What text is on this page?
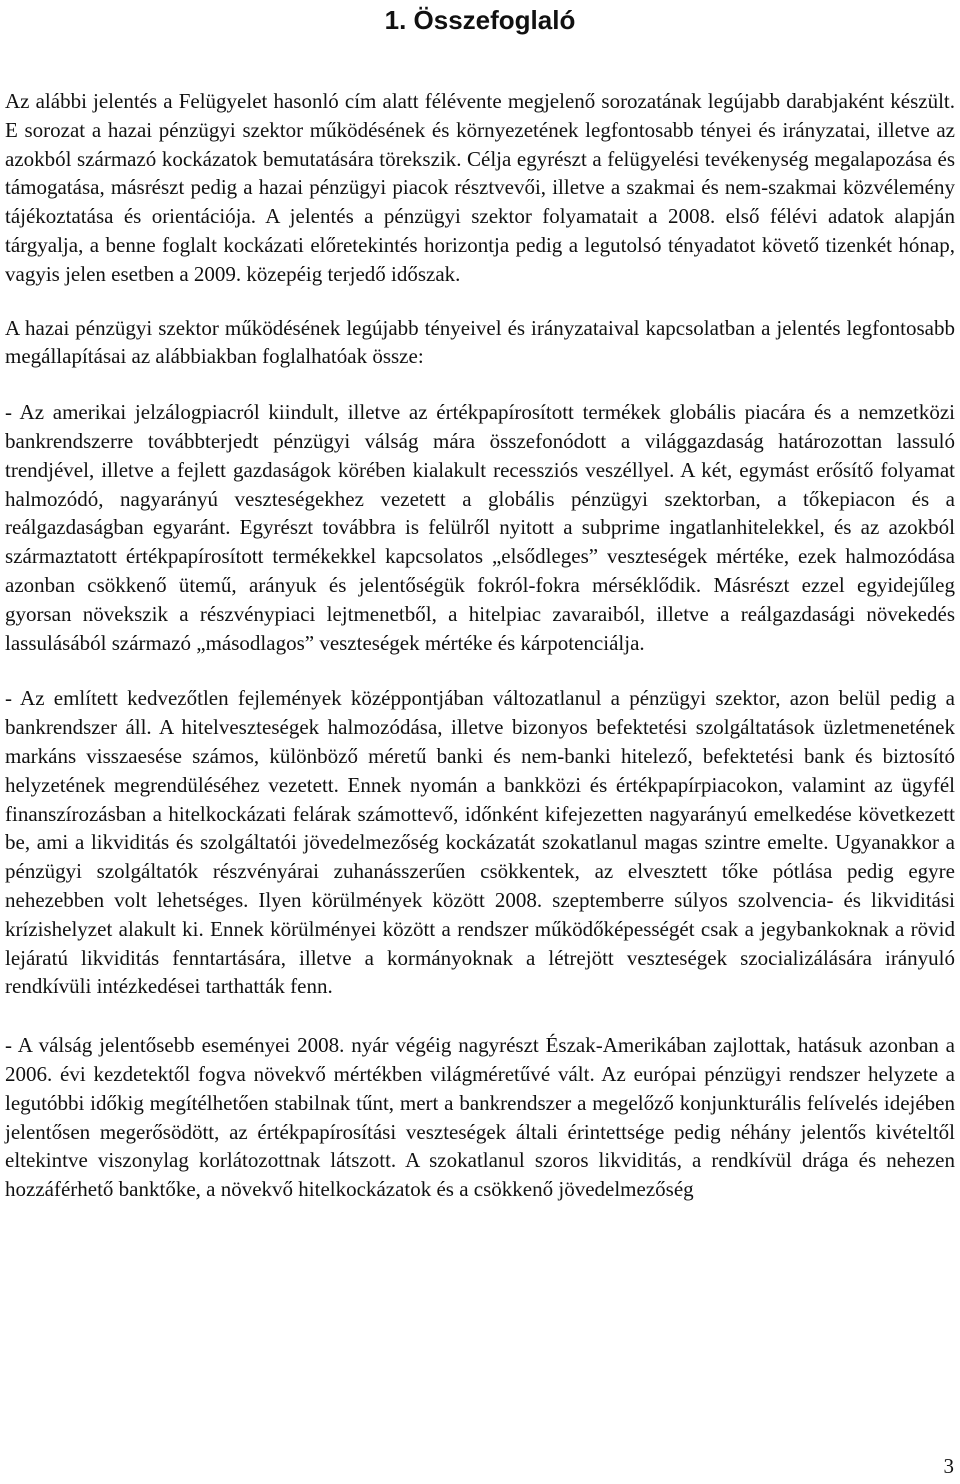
1. Összefoglaló

Az alábbi jelentés a Felügyelet hasonló cím alatt félévente megjelenő sorozatának legújabb darabjaként készült. E sorozat a hazai pénzügyi szektor működésének és környezetének legfontosabb tényei és irányzatai, illetve az azokból származó kockázatok bemutatására törekszik. Célja egyrészt a felügyelési tevékenység megalapozása és támogatása, másrészt pedig a hazai pénzügyi piacok résztvevői, illetve a szakmai és nem-szakmai közvélemény tájékoztatása és orientációja. A jelentés a pénzügyi szektor folyamatait a 2008. első félévi adatok alapján tárgyalja, a benne foglalt kockázati előretekintés horizontja pedig a legutolsó tényadatot követő tizenkét hónap, vagyis jelen esetben a 2009. közepéig terjedő időszak.

A hazai pénzügyi szektor működésének legújabb tényeivel és irányzataival kapcsolatban a jelentés legfontosabb megállapításai az alábbiakban foglalhatóak össze:

- Az amerikai jelzálogpiacról kiindult, illetve az értékpapírosított termékek globális piacára és a nemzetközi bankrendszerre továbbterjedt pénzügyi válság mára összefonódott a világgazdaság határozottan lassuló trendjével, illetve a fejlett gazdaságok körében kialakult recessziós veszéllyel. A két, egymást erősítő folyamat halmozódó, nagyarányú veszteségekhez vezetett a globális pénzügyi szektorban, a tőkepiacon és a reálgazdaságban egyaránt. Egyrészt továbbra is felülről nyitott a subprime ingatlanhitelekkel, és az azokból származtatott értékpapírosított termékekkel kapcsolatos „elsődleges” veszteségek mértéke, ezek halmozódása azonban csökkenő ütemű, arányuk és jelentőségük fokról-fokra mérséklődik. Másrészt ezzel egyidejűleg gyorsan növekszik a részvénypiaci lejtmenetből, a hitelpiac zavaraiból, illetve a reálgazdasági növekedés lassulásából származó „másodlagos” veszteségek mértéke és kárpotenciálja.

- Az említett kedvezőtlen fejlemények középpontjában változatlanul a pénzügyi szektor, azon belül pedig a bankrendszer áll. A hitelveszteségek halmozódása, illetve bizonyos befektetési szolgáltatások üzletmenetének markáns visszaesése számos, különböző méretű banki és nem-banki hitelező, befektetési bank és biztosító helyzetének megrendüléséhez vezetett. Ennek nyomán a bankközi és értékpapírpiacokon, valamint az ügyfél finanszírozásban a hitelkockázati felárak számottevő, időnként kifejezetten nagyarányú emelkedése következett be, ami a likviditás és szolgáltatói jövedelmezőség kockázatát szokatlanul magas szintre emelte. Ugyanakkor a pénzügyi szolgáltatók részvényárai zuhanásszerűen csökkentek, az elvesztett tőke pótlása pedig egyre nehezebben volt lehetséges. Ilyen körülmények között 2008. szeptemberre súlyos szolvencia- és likviditási krízishelyzet alakult ki. Ennek körülményei között a rendszer működőképességét csak a jegybankoknak a rövid lejáratú likviditás fenntartására, illetve a kormányoknak a létrejött veszteségek szocializálására irányuló rendkívüli intézkedései tarthatták fenn.

- A válság jelentősebb eseményei 2008. nyár végéig nagyrészt Észak-Amerikában zajlottak, hatásuk azonban a 2006. évi kezdetektől fogva növekvő mértékben világméretűvé vált. Az európai pénzügyi rendszer helyzete a legutóbbi időkig megítélhetően stabilnak tűnt, mert a bankrendszer a megelőző konjunkturális felívelés idejében jelentősen megerősödött, az értékpapírosítási veszteségek általi érintettsége pedig néhány jelentős kivételtől eltekintve viszonylag korlátozottnak látszott. A szokatlanul szoros likviditás, a rendkívül drága és nehezen hozzáférhető banktőke, a növekvő hitelkockázatok és a csökkenő jövedelmezőség

3
